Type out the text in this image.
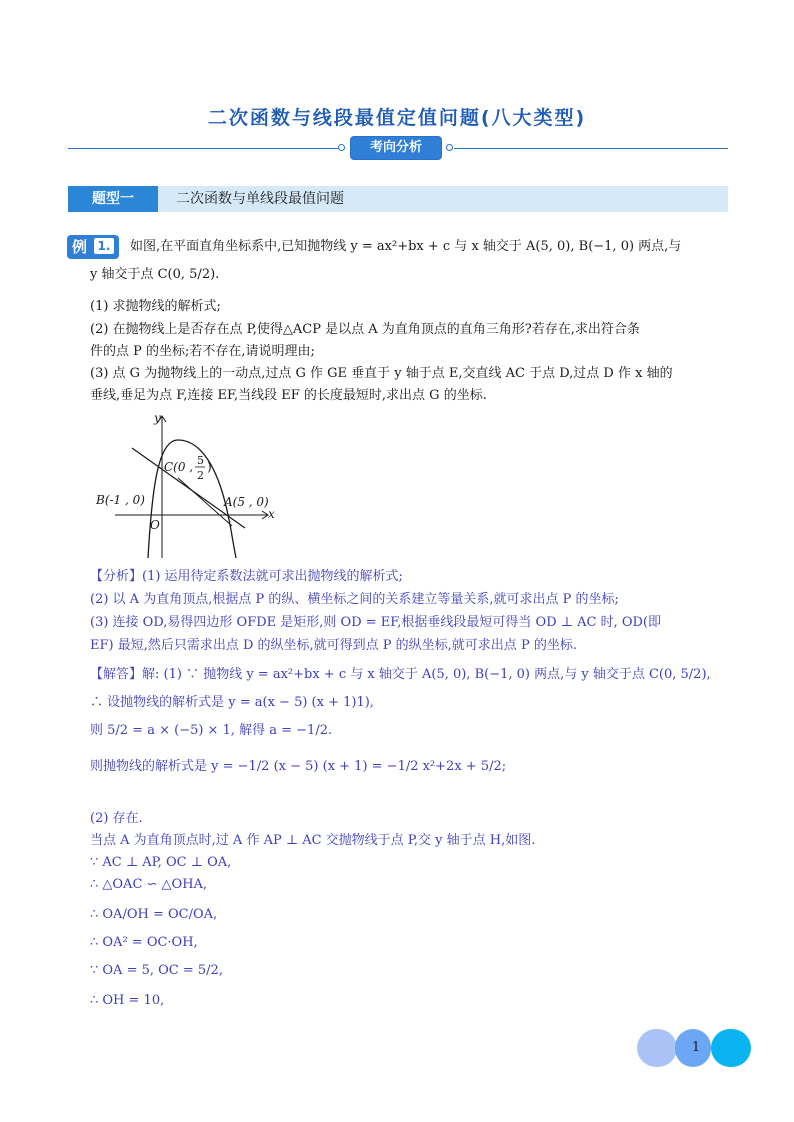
二次函数与线段最值定值问题(八大类型)
考向分析
题型一	二次函数与单线段最值问题
例 1. 如图,在平面直角坐标系中,已知抛物线 y = ax²+bx + c 与 x 轴交于 A(5, 0), B(−1, 0) 两点,与
y 轴交于点 C(0, 5/2).
(1) 求抛物线的解析式;
(2) 在抛物线上是否存在点 P,使得△ACP 是以点 A 为直角顶点的直角三角形?若存在,求出符合条
件的点 P 的坐标;若不存在,请说明理由;
(3) 点 G 为抛物线上的一动点,过点 G 作 GE 垂直于 y 轴于点 E,交直线 AC 于点 D,过点 D 作 x 轴的
垂线,垂足为点 F,连接 EF,当线段 EF 的长度最短时,求出点 G 的坐标.
y
x
O
B(-1 , 0)	A(5 , 0)
C(0 , 5
2
)
【分析】(1) 运用待定系数法就可求出抛物线的解析式;
(2) 以 A 为直角顶点,根据点 P 的纵、横坐标之间的关系建立等量关系,就可求出点 P 的坐标;
(3) 连接 OD,易得四边形 OFDE 是矩形,则 OD = EF,根据垂线段最短可得当 OD ⊥ AC 时, OD(即
EF) 最短,然后只需求出点 D 的纵坐标,就可得到点 P 的纵坐标,就可求出点 P 的坐标.
【解答】解: (1) ∵ 抛物线 y = ax²+bx + c 与 x 轴交于 A(5, 0), B(−1, 0) 两点,与 y 轴交于点 C(0, 5/2),
∴ 设抛物线的解析式是 y = a(x − 5) (x + 1)1),
则 5/2 = a × (−5) × 1, 解得 a = −1/2.
则抛物线的解析式是 y = −1/2 (x − 5) (x + 1) = −1/2 x²+2x + 5/2;
(2) 存在.
当点 A 为直角顶点时,过 A 作 AP ⊥ AC 交抛物线于点 P,交 y 轴于点 H,如图.
∵ AC ⊥ AP, OC ⊥ OA,
∴ △OAC ∽ △OHA,
∴ OA/OH = OC/OA,
∴ OA² = OC·OH,
∵ OA = 5, OC = 5/2,
∴ OH = 10,
1
